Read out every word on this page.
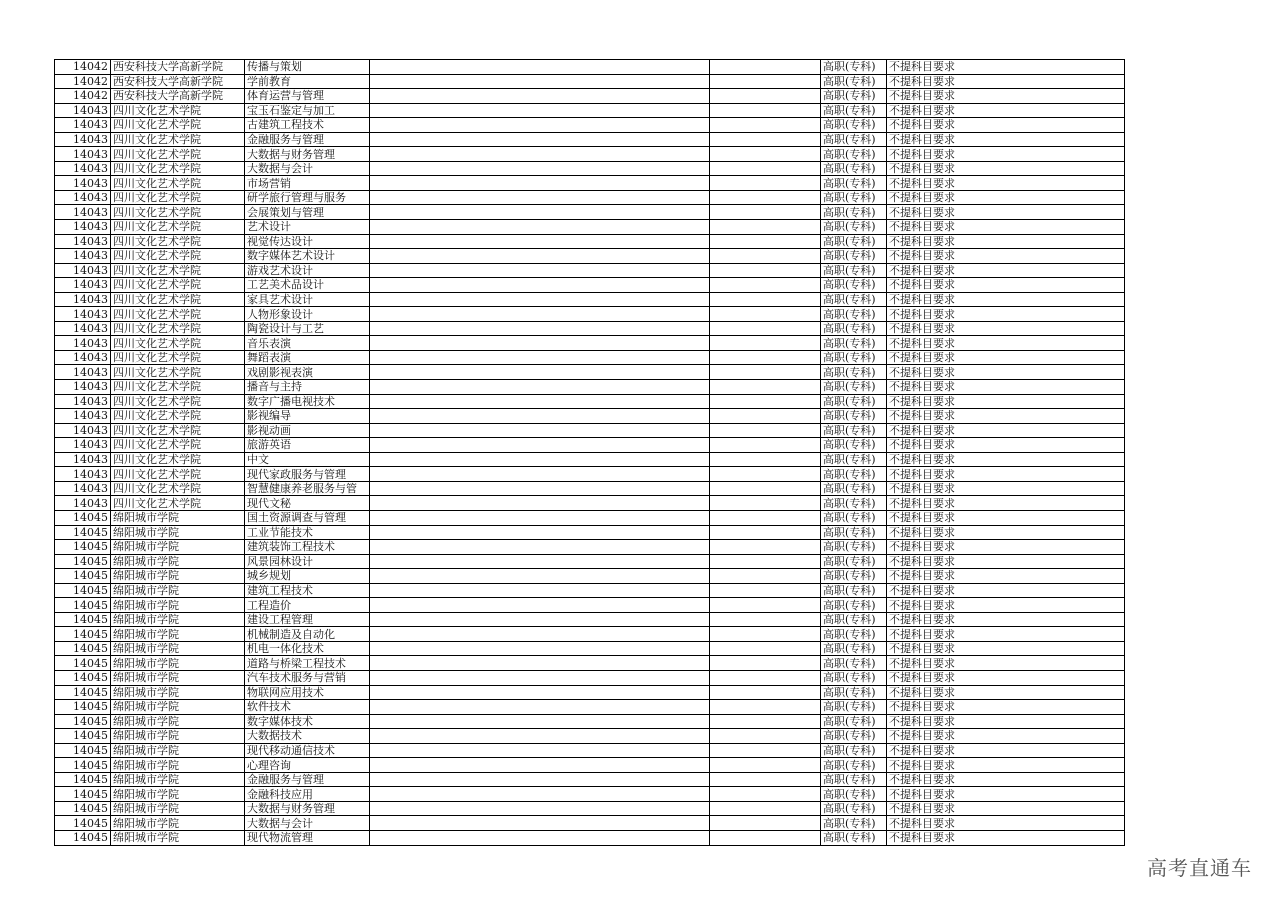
14042	西安科技大学高新学院	传播与策划			高职(专科)	不提科目要求
14042	西安科技大学高新学院	学前教育			高职(专科)	不提科目要求
14042	西安科技大学高新学院	体育运营与管理			高职(专科)	不提科目要求
14043	四川文化艺术学院	宝玉石鉴定与加工			高职(专科)	不提科目要求
14043	四川文化艺术学院	古建筑工程技术			高职(专科)	不提科目要求
14043	四川文化艺术学院	金融服务与管理			高职(专科)	不提科目要求
14043	四川文化艺术学院	大数据与财务管理			高职(专科)	不提科目要求
14043	四川文化艺术学院	大数据与会计			高职(专科)	不提科目要求
14043	四川文化艺术学院	市场营销			高职(专科)	不提科目要求
14043	四川文化艺术学院	研学旅行管理与服务			高职(专科)	不提科目要求
14043	四川文化艺术学院	会展策划与管理			高职(专科)	不提科目要求
14043	四川文化艺术学院	艺术设计			高职(专科)	不提科目要求
14043	四川文化艺术学院	视觉传达设计			高职(专科)	不提科目要求
14043	四川文化艺术学院	数字媒体艺术设计			高职(专科)	不提科目要求
14043	四川文化艺术学院	游戏艺术设计			高职(专科)	不提科目要求
14043	四川文化艺术学院	工艺美术品设计			高职(专科)	不提科目要求
14043	四川文化艺术学院	家具艺术设计			高职(专科)	不提科目要求
14043	四川文化艺术学院	人物形象设计			高职(专科)	不提科目要求
14043	四川文化艺术学院	陶瓷设计与工艺			高职(专科)	不提科目要求
14043	四川文化艺术学院	音乐表演			高职(专科)	不提科目要求
14043	四川文化艺术学院	舞蹈表演			高职(专科)	不提科目要求
14043	四川文化艺术学院	戏剧影视表演			高职(专科)	不提科目要求
14043	四川文化艺术学院	播音与主持			高职(专科)	不提科目要求
14043	四川文化艺术学院	数字广播电视技术			高职(专科)	不提科目要求
14043	四川文化艺术学院	影视编导			高职(专科)	不提科目要求
14043	四川文化艺术学院	影视动画			高职(专科)	不提科目要求
14043	四川文化艺术学院	旅游英语			高职(专科)	不提科目要求
14043	四川文化艺术学院	中文			高职(专科)	不提科目要求
14043	四川文化艺术学院	现代家政服务与管理			高职(专科)	不提科目要求
14043	四川文化艺术学院	智慧健康养老服务与管			高职(专科)	不提科目要求
14043	四川文化艺术学院	现代文秘			高职(专科)	不提科目要求
14045	绵阳城市学院	国土资源调查与管理			高职(专科)	不提科目要求
14045	绵阳城市学院	工业节能技术			高职(专科)	不提科目要求
14045	绵阳城市学院	建筑装饰工程技术			高职(专科)	不提科目要求
14045	绵阳城市学院	风景园林设计			高职(专科)	不提科目要求
14045	绵阳城市学院	城乡规划			高职(专科)	不提科目要求
14045	绵阳城市学院	建筑工程技术			高职(专科)	不提科目要求
14045	绵阳城市学院	工程造价			高职(专科)	不提科目要求
14045	绵阳城市学院	建设工程管理			高职(专科)	不提科目要求
14045	绵阳城市学院	机械制造及自动化			高职(专科)	不提科目要求
14045	绵阳城市学院	机电一体化技术			高职(专科)	不提科目要求
14045	绵阳城市学院	道路与桥梁工程技术			高职(专科)	不提科目要求
14045	绵阳城市学院	汽车技术服务与营销			高职(专科)	不提科目要求
14045	绵阳城市学院	物联网应用技术			高职(专科)	不提科目要求
14045	绵阳城市学院	软件技术			高职(专科)	不提科目要求
14045	绵阳城市学院	数字媒体技术			高职(专科)	不提科目要求
14045	绵阳城市学院	大数据技术			高职(专科)	不提科目要求
14045	绵阳城市学院	现代移动通信技术			高职(专科)	不提科目要求
14045	绵阳城市学院	心理咨询			高职(专科)	不提科目要求
14045	绵阳城市学院	金融服务与管理			高职(专科)	不提科目要求
14045	绵阳城市学院	金融科技应用			高职(专科)	不提科目要求
14045	绵阳城市学院	大数据与财务管理			高职(专科)	不提科目要求
14045	绵阳城市学院	大数据与会计			高职(专科)	不提科目要求
14045	绵阳城市学院	现代物流管理			高职(专科)	不提科目要求
高考直通车
